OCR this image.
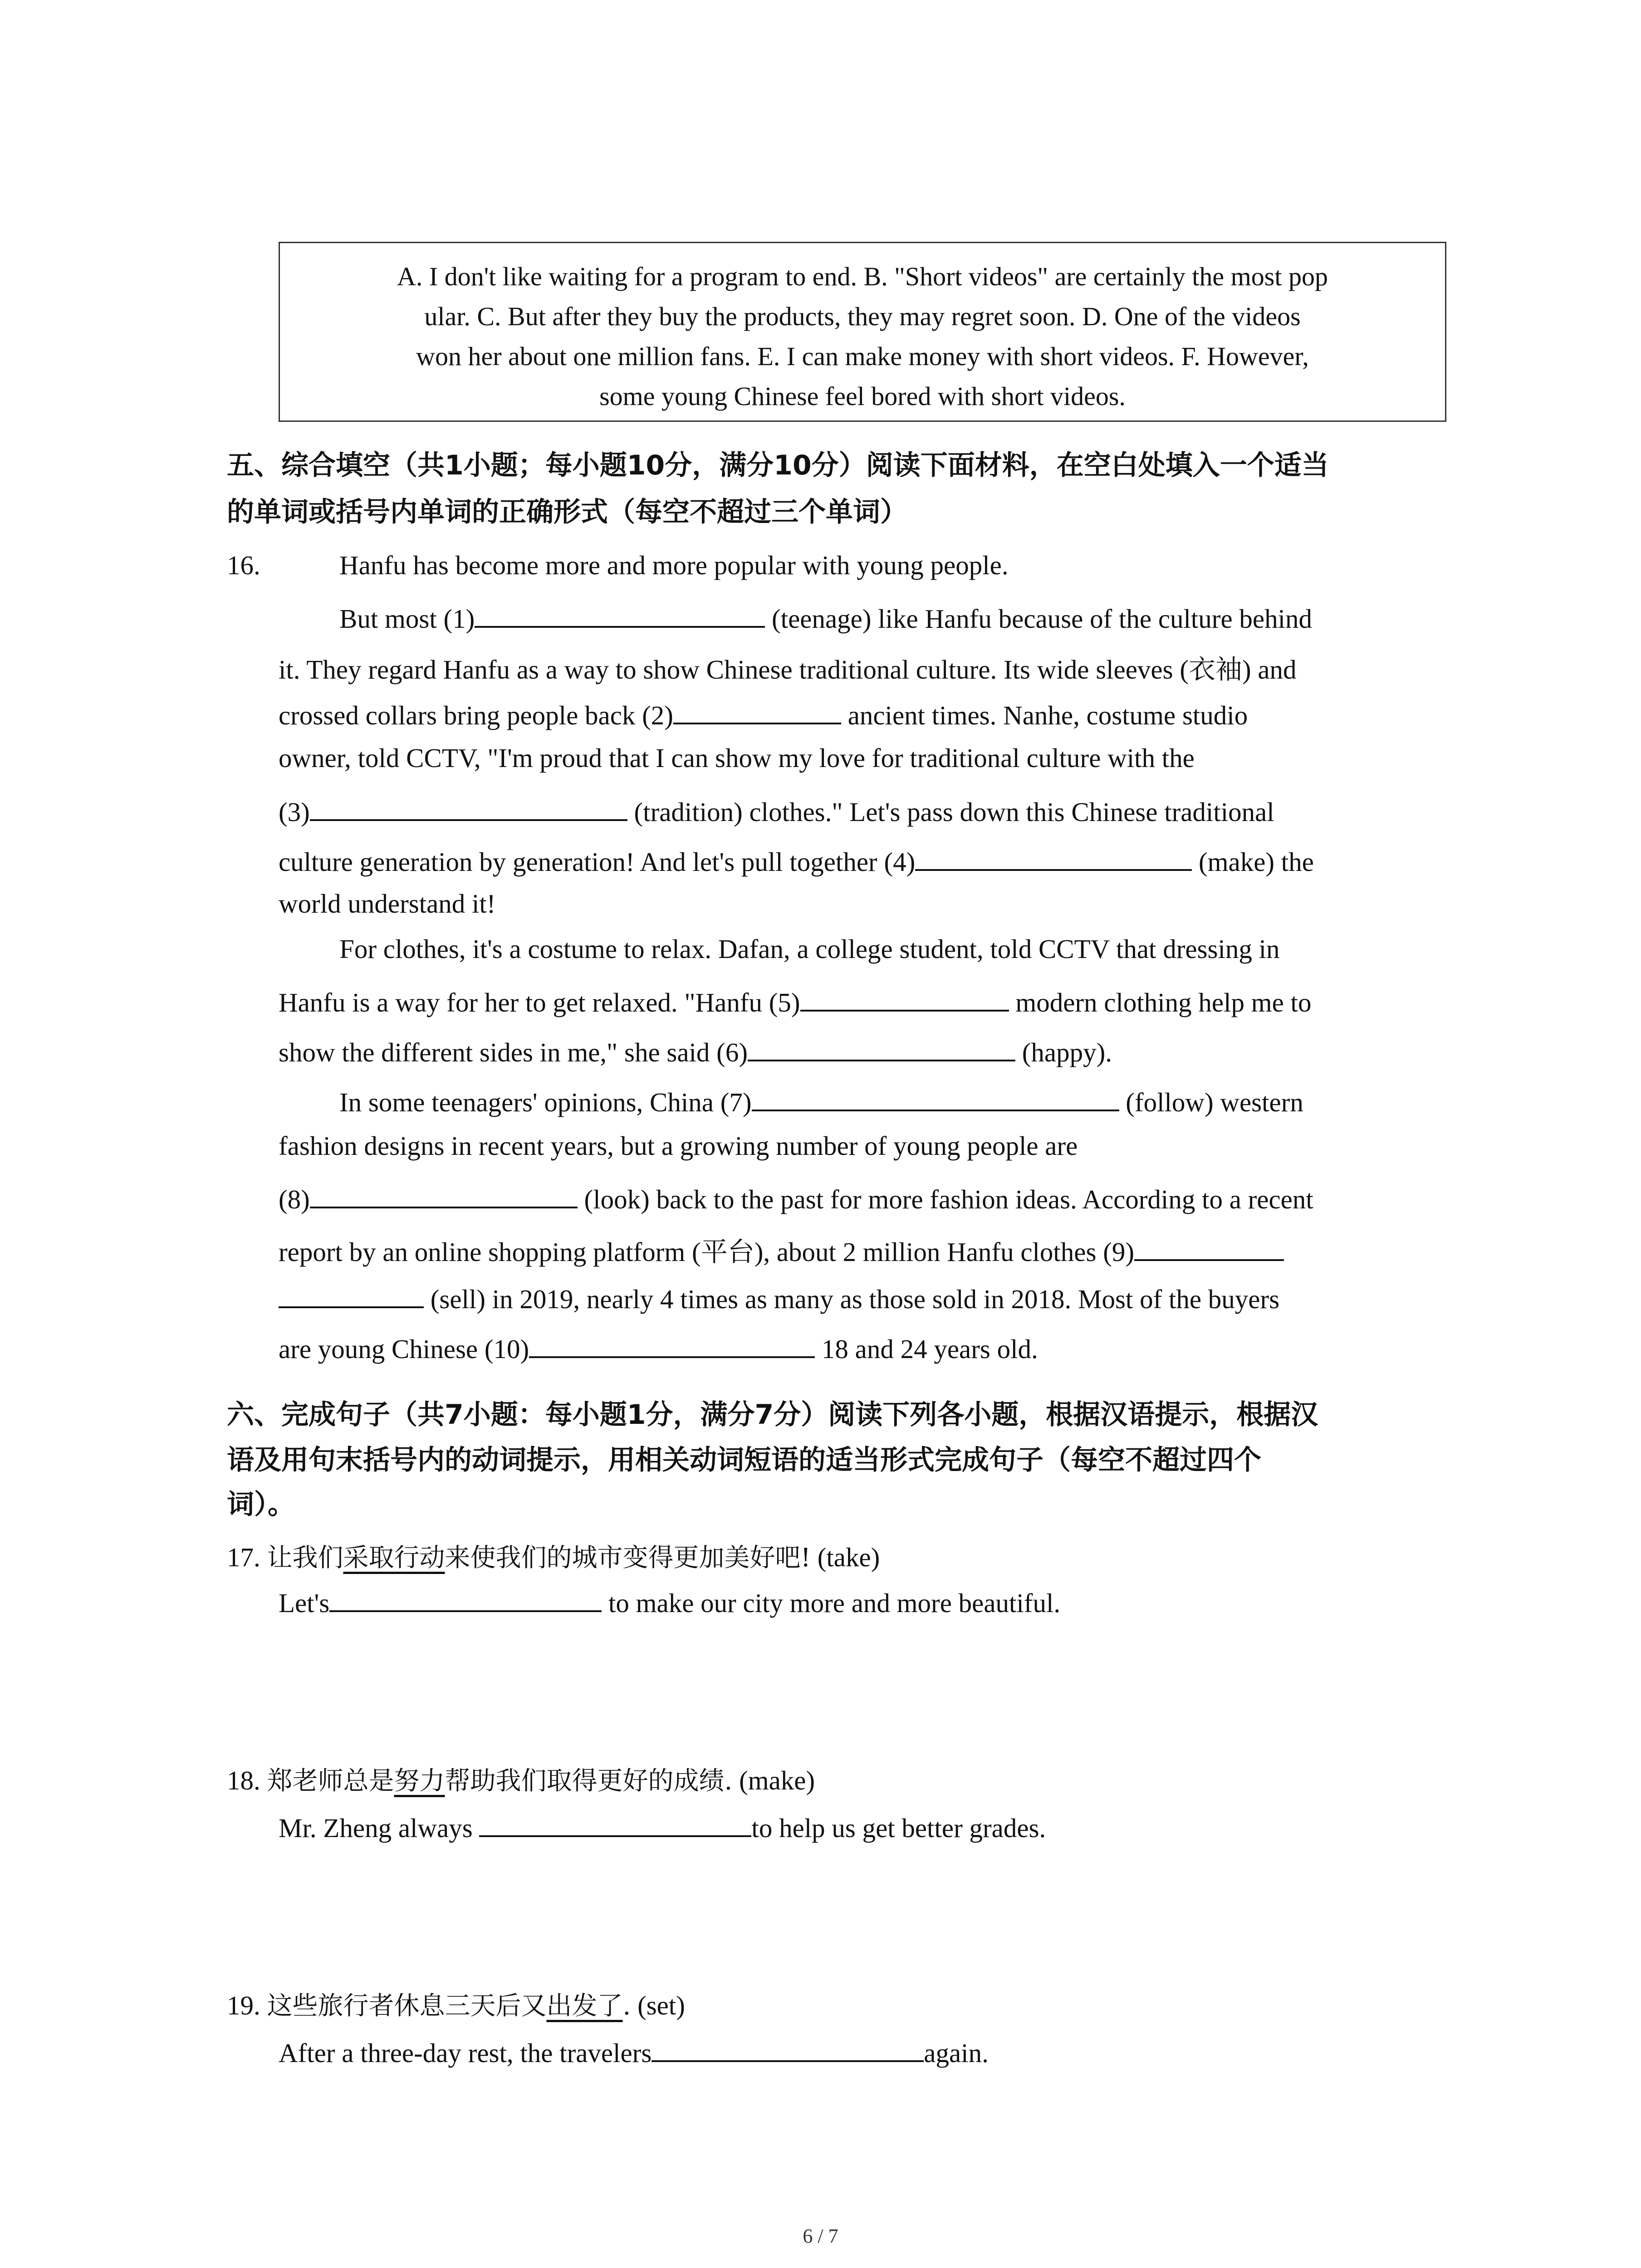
A. I don't like waiting for a program to end. B. "Short videos" are certainly the most pop
ular. C. But after they buy the products, they may regret soon. D. One of the videos
won her about one million fans. E. I can make money with short videos. F. However,
some young Chinese feel bored with short videos.
五、综合填空（共1小题；每小题10分，满分10分）阅读下面材料，在空白处填入一个适当
的单词或括号内单词的正确形式（每空不超过三个单词）
16.	Hanfu has become more and more popular with young people.
But most (1)	(teenage) like Hanfu because of the culture behind
it. They regard Hanfu as a way to show Chinese traditional culture. Its wide sleeves (衣袖) and
crossed collars bring people back (2)	ancient times. Nanhe, costume studio
owner, told CCTV, "I'm proud that I can show my love for traditional culture with the
(3)	(tradition) clothes." Let's pass down this Chinese traditional
culture generation by generation! And let's pull together (4)	(make) the
world understand it!
For clothes, it's a costume to relax. Dafan, a college student, told CCTV that dressing in
Hanfu is a way for her to get relaxed. "Hanfu (5)	modern clothing help me to
show the different sides in me," she said (6)	(happy).
In some teenagers' opinions, China (7)	(follow) western
fashion designs in recent years, but a growing number of young people are
(8)	(look) back to the past for more fashion ideas. According to a recent
report by an online shopping platform (平台), about 2 million Hanfu clothes (9)
(sell) in 2019, nearly 4 times as many as those sold in 2018. Most of the buyers
are young Chinese (10)	18 and 24 years old.
六、完成句子（共7小题：每小题1分，满分7分）阅读下列各小题，根据汉语提示，根据汉
语及用句末括号内的动词提示，用相关动词短语的适当形式完成句子（每空不超过四个
词）。
17. 让我们采取行动来使我们的城市变得更加美好吧! (take)
Let's	to make our city more and more beautiful.
18. 郑老师总是努力帮助我们取得更好的成绩. (make)
Mr. Zheng always	to help us get better grades.
19. 这些旅行者休息三天后又出发了. (set)
After a three-day rest, the travelers	again.
6 / 7
